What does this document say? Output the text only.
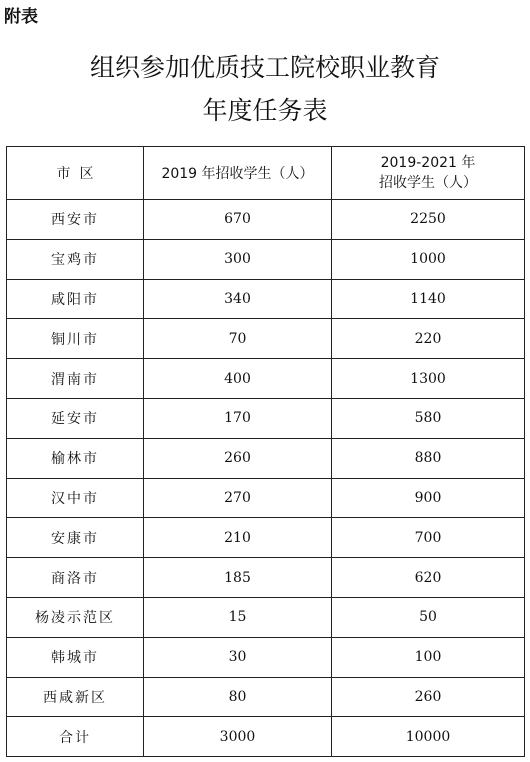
附表
组织参加优质技工院校职业教育
年度任务表
市  区	2019 年招收学生（人）	2019-2021 年
招收学生（人）

西安市	670	2250
宝鸡市	300	1000
咸阳市	340	1140
铜川市	70	220
渭南市	400	1300
延安市	170	580
榆林市	260	880
汉中市	270	900
安康市	210	700
商洛市	185	620
杨凌示范区	15	50
韩城市	30	100
西咸新区	80	260
合计	3000	10000
